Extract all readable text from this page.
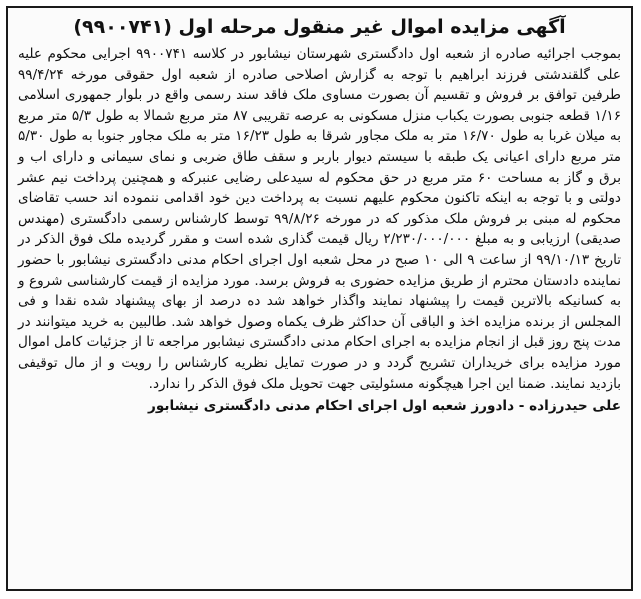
آگهی مزایده اموال غیر منقول مرحله اول (۹۹۰۰۷۴۱)

بموجب اجرائیه صادره از شعبه اول دادگستری شهرستان نیشابور در کلاسه ۹۹۰۰۷۴۱ اجرایی محکوم علیه علی گلقندشتی فرزند ابراهیم با توجه به گزارش اصلاحی صادره از شعبه اول حقوقی مورخه ۹۹/۴/۲۴ طرفین توافق بر فروش و تقسیم آن بصورت مساوی ملک فاقد سند رسمی واقع در بلوار جمهوری اسلامی ۱/۱۶ قطعه جنوبی بصورت یکباب منزل مسکونی به عرصه تقریبی ۸۷ متر مربع شمالا به طول ۵/۳ متر مربع به میلان غربا به طول ۱۶/۷۰ متر به ملک مجاور شرقا به طول ۱۶/۲۳ متر به ملک مجاور جنوبا به طول ۵/۳۰ متر مربع دارای اعیانی یک طبقه با سیستم دیوار باربر و سقف طاق ضربی و نمای سیمانی و دارای اب و برق و گاز به مساحت ۶۰ متر مربع در حق محکوم له سیدعلی رضایی عنبرکه و همچنین پرداخت نیم عشر دولتی و با توجه به اینکه تاکنون محکوم علیهم نسبت به پرداخت دین خود اقدامی ننموده اند حسب تقاضای محکوم له مبنی بر فروش ملک مذکور که در مورخه ۹۹/۸/۲۶ توسط کارشناس رسمی دادگستری (مهندس صدیقی) ارزیابی و به مبلغ ۲/۲۳۰/۰۰۰/۰۰۰ ریال قیمت گذاری شده است و مقرر گردیده ملک فوق الذکر در تاریخ ۹۹/۱۰/۱۳ از ساعت ۹ الی ۱۰ صبح در محل شعبه اول اجرای احکام مدنی دادگستری نیشابور با حضور نماینده دادستان محترم از طریق مزایده حضوری به فروش برسد. مورد مزایده از قیمت کارشناسی شروع و به کسانیکه بالاترین قیمت را پیشنهاد نمایند واگذار خواهد شد ده درصد از بهای پیشنهاد شده نقدا و فی المجلس از برنده مزایده اخذ و الباقی آن حداکثر ظرف یکماه وصول خواهد شد. طالبین به خرید میتوانند در مدت پنج روز قبل از انجام مزایده به اجرای احکام مدنی دادگستری نیشابور مراجعه تا از جزئیات کامل اموال مورد مزایده برای خریداران تشریح گردد و در صورت تمایل نظریه کارشناس را رویت و از مال توقیفی بازدید نمایند. ضمنا این اجرا هیچگونه مسئولیتی جهت تحویل ملک فوق الذکر را ندارد.

علی حیدرزاده - دادورز شعبه اول اجرای احکام مدنی دادگستری نیشابور
